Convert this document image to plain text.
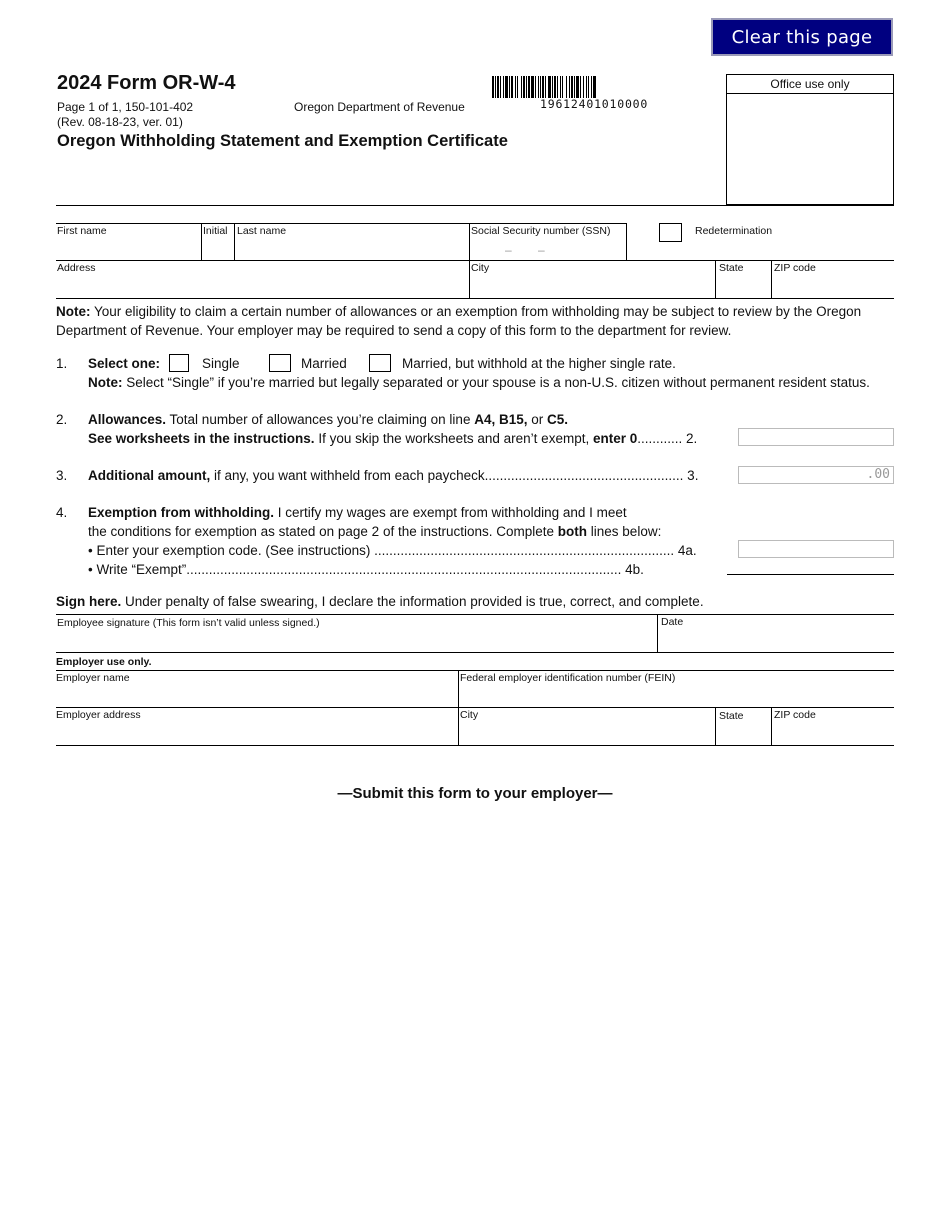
Clear this page
2024 Form OR-W-4
Page 1 of 1, 150-101-402
(Rev. 08-18-23, ver. 01)
Oregon Department of Revenue
Oregon Withholding Statement and Exemption Certificate
19612401010000
Office use only
First name	Initial Last name	Social Security number (SSN)
– –
Redetermination
Address	City	State	ZIP code
Note: Your eligibility to claim a certain number of allowances or an exemption from withholding may be subject to review by the Oregon Department of Revenue. Your employer may be required to send a copy of this form to the department for review.
1. Select one:	Single	Married	Married, but withhold at the higher single rate.
Note: Select “Single” if you’re married but legally separated or your spouse is a non-U.S. citizen without permanent resident status.
2. Allowances. Total number of allowances you’re claiming on line A4, B15, or C5.
See worksheets in the instructions. If you skip the worksheets and aren’t exempt, enter 0............ 2.
3. Additional amount, if any, you want withheld from each paycheck..................................................... 3.	.00
4. Exemption from withholding. I certify my wages are exempt from withholding and I meet
the conditions for exemption as stated on page 2 of the instructions. Complete both lines below:
• Enter your exemption code. (See instructions) ................................................................................ 4a.
• Write “Exempt”.................................................................................................................... 4b.
Sign here. Under penalty of false swearing, I declare the information provided is true, correct, and complete.
Employee signature (This form isn’t valid unless signed.)	Date
Employer use only.
Employer name	Federal employer identification number (FEIN)
Employer address	City	State	ZIP code
—Submit this form to your employer—
